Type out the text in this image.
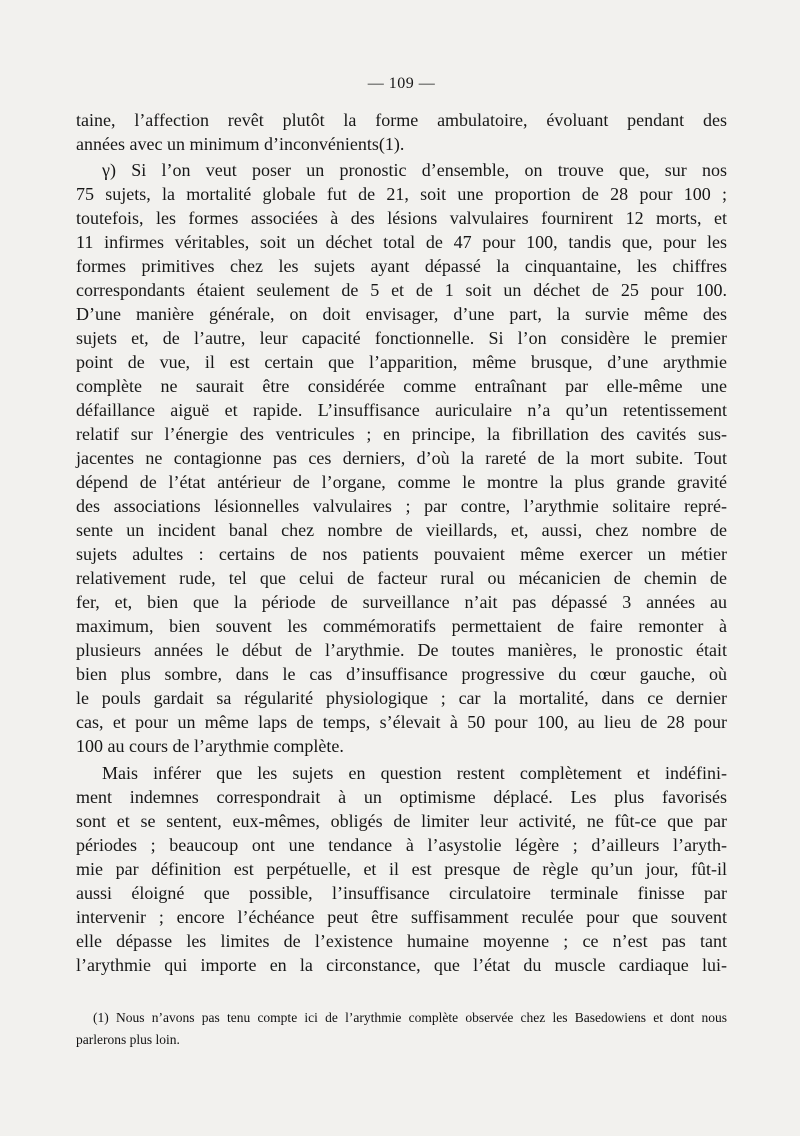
— 109 —
taine, l’affection revêt plutôt la forme ambulatoire, évoluant pendant des
années avec un minimum d’inconvénients(1).
γ) Si l’on veut poser un pronostic d’ensemble, on trouve que, sur nos
75 sujets, la mortalité globale fut de 21, soit une proportion de 28 pour 100 ;
toutefois, les formes associées à des lésions valvulaires fournirent 12 morts, et
11 infirmes véritables, soit un déchet total de 47 pour 100, tandis que, pour les
formes primitives chez les sujets ayant dépassé la cinquantaine, les chiffres
correspondants étaient seulement de 5 et de 1 soit un déchet de 25 pour 100.
D’une manière générale, on doit envisager, d’une part, la survie même des
sujets et, de l’autre, leur capacité fonctionnelle. Si l’on considère le premier
point de vue, il est certain que l’apparition, même brusque, d’une arythmie
complète ne saurait être considérée comme entraînant par elle-même une
défaillance aiguë et rapide. L’insuffisance auriculaire n’a qu’un retentissement
relatif sur l’énergie des ventricules ; en principe, la fibrillation des cavités sus-
jacentes ne contagionne pas ces derniers, d’où la rareté de la mort subite. Tout
dépend de l’état antérieur de l’organe, comme le montre la plus grande gravité
des associations lésionnelles valvulaires ; par contre, l’arythmie solitaire repré-
sente un incident banal chez nombre de vieillards, et, aussi, chez nombre de
sujets adultes : certains de nos patients pouvaient même exercer un métier
relativement rude, tel que celui de facteur rural ou mécanicien de chemin de
fer, et, bien que la période de surveillance n’ait pas dépassé 3 années au
maximum, bien souvent les commémoratifs permettaient de faire remonter à
plusieurs années le début de l’arythmie. De toutes manières, le pronostic était
bien plus sombre, dans le cas d’insuffisance progressive du cœur gauche, où
le pouls gardait sa régularité physiologique ; car la mortalité, dans ce dernier
cas, et pour un même laps de temps, s’élevait à 50 pour 100, au lieu de 28 pour
100 au cours de l’arythmie complète.
Mais inférer que les sujets en question restent complètement et indéfini-
ment indemnes correspondrait à un optimisme déplacé. Les plus favorisés
sont et se sentent, eux-mêmes, obligés de limiter leur activité, ne fût-ce que par
périodes ; beaucoup ont une tendance à l’asystolie légère ; d’ailleurs l’aryth-
mie par définition est perpétuelle, et il est presque de règle qu’un jour, fût-il
aussi éloigné que possible, l’insuffisance circulatoire terminale finisse par
intervenir ; encore l’échéance peut être suffisamment reculée pour que souvent
elle dépasse les limites de l’existence humaine moyenne ; ce n’est pas tant
l’arythmie qui importe en la circonstance, que l’état du muscle cardiaque lui-
(1) Nous n’avons pas tenu compte ici de l’arythmie complète observée chez les Basedowiens et dont nous
parlerons plus loin.
